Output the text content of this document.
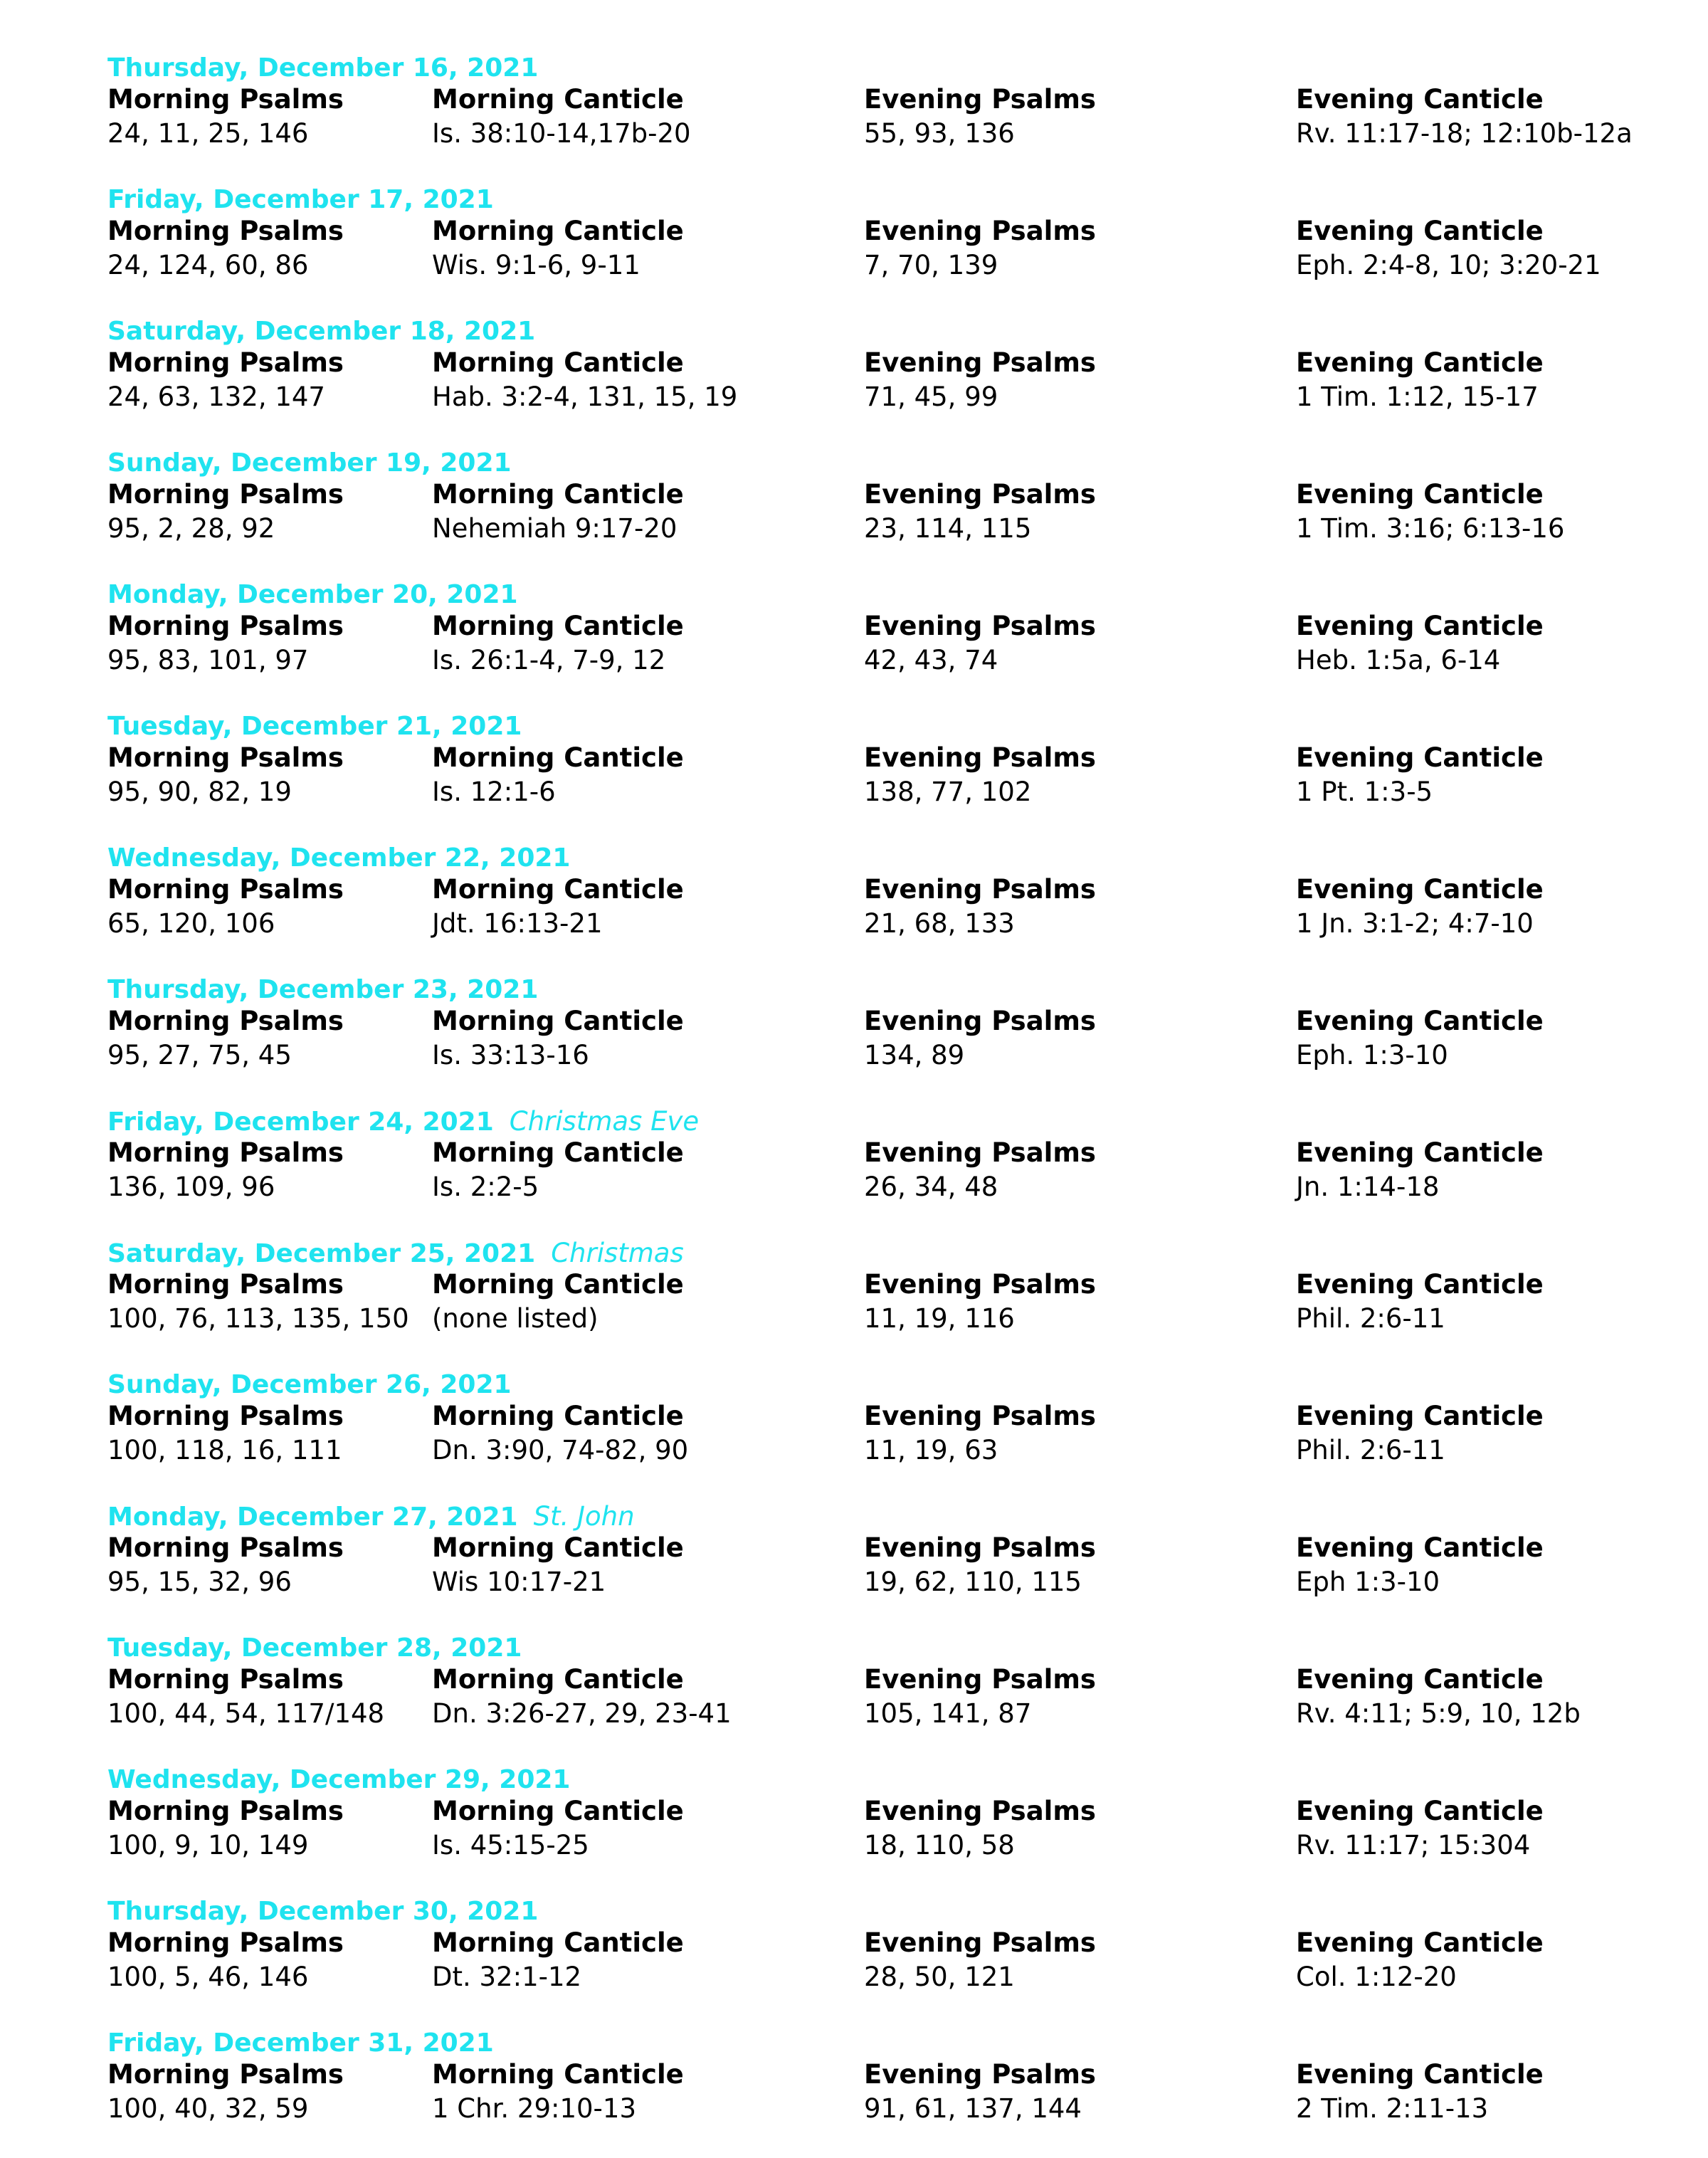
Thursday, December 16, 2021
Morning Psalms
24, 11, 25, 146
Morning Canticle
Is. 38:10-14,17b-20
Evening Psalms
55, 93, 136
Evening Canticle
Rv. 11:17-18; 12:10b-12a
Friday, December 17, 2021
Morning Psalms
24, 124, 60, 86
Morning Canticle
Wis. 9:1-6, 9-11
Evening Psalms
7, 70, 139
Evening Canticle
Eph. 2:4-8, 10; 3:20-21
Saturday, December 18, 2021
Morning Psalms
24, 63, 132, 147
Morning Canticle
Hab. 3:2-4, 131, 15, 19
Evening Psalms
71, 45, 99
Evening Canticle
1 Tim. 1:12, 15-17
Sunday, December 19, 2021
Morning Psalms
95, 2, 28, 92
Morning Canticle
Nehemiah 9:17-20
Evening Psalms
23, 114, 115
Evening Canticle
1 Tim. 3:16; 6:13-16
Monday, December 20, 2021
Morning Psalms
95, 83, 101, 97
Morning Canticle
Is. 26:1-4, 7-9, 12
Evening Psalms
42, 43, 74
Evening Canticle
Heb. 1:5a, 6-14
Tuesday, December 21, 2021
Morning Psalms
95, 90, 82, 19
Morning Canticle
Is. 12:1-6
Evening Psalms
138, 77, 102
Evening Canticle
1 Pt. 1:3-5
Wednesday, December 22, 2021
Morning Psalms
65, 120, 106
Morning Canticle
Jdt. 16:13-21
Evening Psalms
21, 68, 133
Evening Canticle
1 Jn. 3:1-2; 4:7-10
Thursday, December 23, 2021
Morning Psalms
95, 27, 75, 45
Morning Canticle
Is. 33:13-16
Evening Psalms
134, 89
Evening Canticle
Eph. 1:3-10
Friday, December 24, 2021 Christmas Eve
Morning Psalms
136, 109, 96
Morning Canticle
Is. 2:2-5
Evening Psalms
26, 34, 48
Evening Canticle
Jn. 1:14-18
Saturday, December 25, 2021 Christmas
Morning Psalms
100, 76, 113, 135, 150
Morning Canticle
(none listed)
Evening Psalms
11, 19, 116
Evening Canticle
Phil. 2:6-11
Sunday, December 26, 2021
Morning Psalms
100, 118, 16, 111
Morning Canticle
Dn. 3:90, 74-82, 90
Evening Psalms
11, 19, 63
Evening Canticle
Phil. 2:6-11
Monday, December 27, 2021 St. John
Morning Psalms
95, 15, 32, 96
Morning Canticle
Wis 10:17-21
Evening Psalms
19, 62, 110, 115
Evening Canticle
Eph 1:3-10
Tuesday, December 28, 2021
Morning Psalms
100, 44, 54, 117/148
Morning Canticle
Dn. 3:26-27, 29, 23-41
Evening Psalms
105, 141, 87
Evening Canticle
Rv. 4:11; 5:9, 10, 12b
Wednesday, December 29, 2021
Morning Psalms
100, 9, 10, 149
Morning Canticle
Is. 45:15-25
Evening Psalms
18, 110, 58
Evening Canticle
Rv. 11:17; 15:304
Thursday, December 30, 2021
Morning Psalms
100, 5, 46, 146
Morning Canticle
Dt. 32:1-12
Evening Psalms
28, 50, 121
Evening Canticle
Col. 1:12-20
Friday, December 31, 2021
Morning Psalms
100, 40, 32, 59
Morning Canticle
1 Chr. 29:10-13
Evening Psalms
91, 61, 137, 144
Evening Canticle
2 Tim. 2:11-13
